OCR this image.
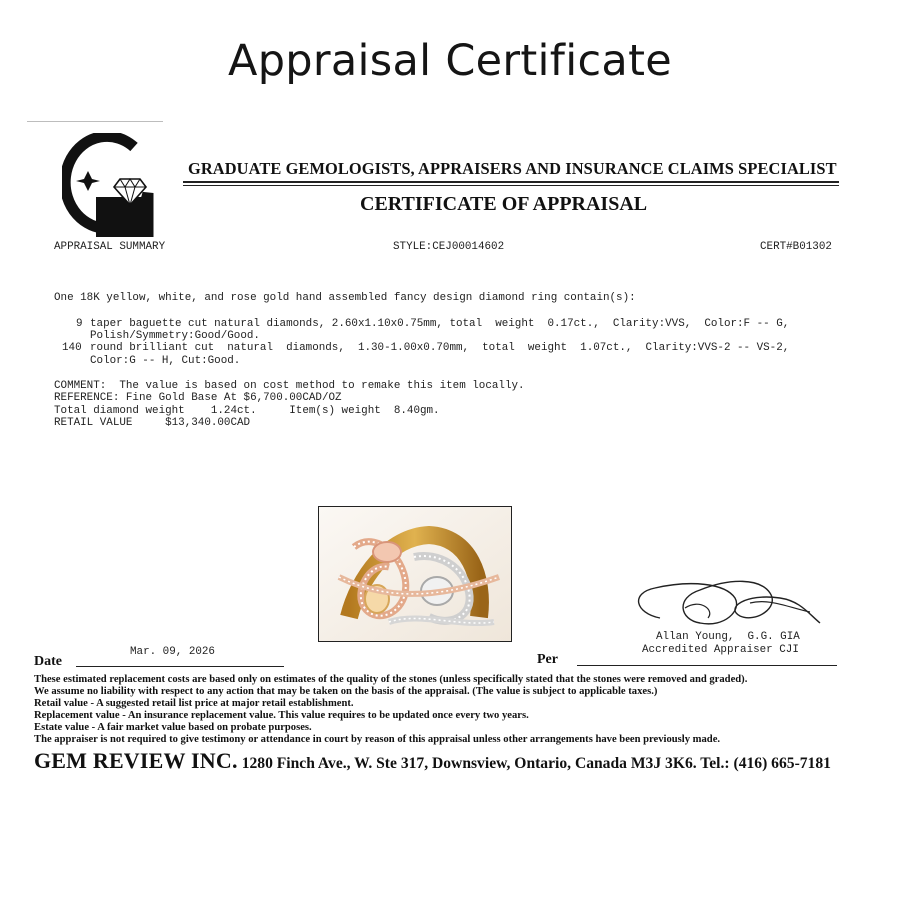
Appraisal Certificate
GRADUATE GEMOLOGISTS, APPRAISERS AND INSURANCE CLAIMS SPECIALIST
CERTIFICATE OF APPRAISAL
APPRAISAL SUMMARY	STYLE:CEJ00014602	CERT#B01302
One 18K yellow, white, and rose gold hand assembled fancy design diamond ring contain(s):
9 taper baguette cut natural diamonds, 2.60x1.10x0.75mm, total  weight  0.17ct.,  Clarity:VVS,  Color:F -- G,
Polish/Symmetry:Good/Good.
140 round brilliant cut  natural  diamonds,  1.30-1.00x0.70mm,  total  weight  1.07ct.,  Clarity:VVS-2 -- VS-2,
Color:G -- H, Cut:Good.
COMMENT:  The value is based on cost method to remake this item locally.
REFERENCE: Fine Gold Base At $6,700.00CAD/OZ
Total diamond weight    1.24ct.     Item(s) weight  8.40gm.
RETAIL VALUE     $13,340.00CAD
Mar. 09, 2026
Allan Young,  G.G. GIA
Accredited Appraiser CJI
Date	Per
These estimated replacement costs are based only on estimates of the quality of the stones (unless specifically stated that the stones were removed and graded).
We assume no liability with respect to any action that may be taken on the basis of the appraisal. (The value is subject to applicable taxes.)
Retail value - A suggested retail list price at major retail establishment.
Replacement value - An insurance replacement value. This value requires to be updated once every two years.
Estate value - A fair market value based on probate purposes.
The appraiser is not required to give testimony or attendance in court by reason of this appraisal unless other arrangements have been previously made.
GEM REVIEW INC. 1280 Finch Ave., W. Ste 317, Downsview, Ontario, Canada M3J 3K6. Tel.: (416) 665-7181
